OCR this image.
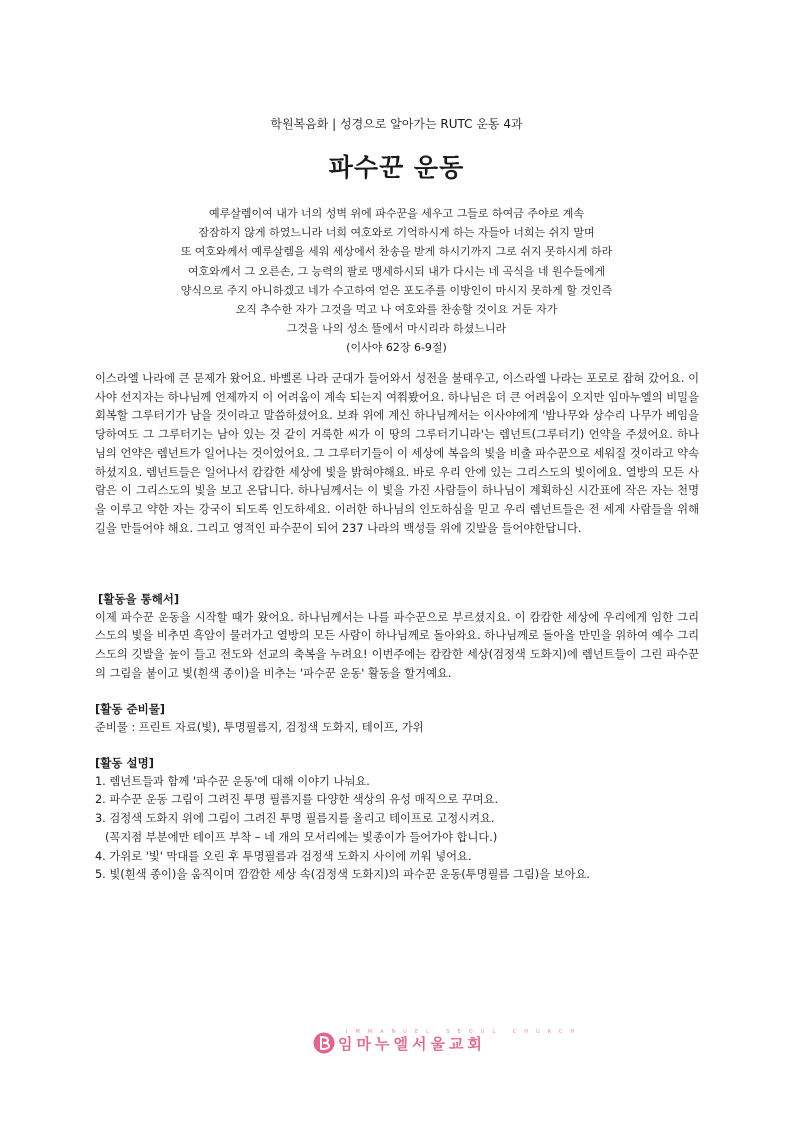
학원복음화 | 성경으로 알아가는 RUTC 운동 4과
파수꾼 운동
예루살렘이여 내가 너의 성벽 위에 파수꾼을 세우고 그들로 하여금 주야로 계속
잠잠하지 않게 하였느니라 너희 여호와로 기억하시게 하는 자들아 너희는 쉬지 말며
또 여호와께서 예루살렘을 세워 세상에서 찬송을 받게 하시기까지 그로 쉬지 못하시게 하라
여호와께서 그 오른손, 그 능력의 팔로 맹세하시되 내가 다시는 네 곡식을 네 원수들에게
양식으로 주지 아니하겠고 네가 수고하여 얻은 포도주를 이방인이 마시지 못하게 할 것인즉
오직 추수한 자가 그것을 먹고 나 여호와를 찬송할 것이요 거둔 자가
그것을 나의 성소 뜰에서 마시리라 하셨느니라
(이사야 62장 6-9절)
이스라엘 나라에 큰 문제가 왔어요. 바벨론 나라 군대가 들어와서 성전을 불태우고, 이스라엘 나라는 포로로 잡혀 갔어요. 이사야 선지자는 하나님께 언제까지 이 어려움이 계속 되는지 여쭤봤어요. 하나님은 더 큰 어려움이 오지만 임마누엘의 비밀을 회복할 그루터기가 남을 것이라고 말씀하셨어요. 보좌 위에 계신 하나님께서는 이사야에게 '밤나무와 상수리 나무가 베임을 당하여도 그 그루터기는 남아 있는 것 같이 거룩한 씨가 이 땅의 그루터기니라'는 렘넌트(그루터기) 언약을 주셨어요. 하나님의 언약은 렘넌트가 일어나는 것이었어요. 그 그루터기들이 이 세상에 복음의 빛을 비출 파수꾼으로 세워질 것이라고 약속하셨지요. 렘넌트들은 일어나서 캄캄한 세상에 빛을 밝혀야해요. 바로 우리 안에 있는 그리스도의 빛이에요. 열방의 모든 사람은 이 그리스도의 빛을 보고 온답니다. 하나님께서는 이 빛을 가진 사람들이 하나님이 계획하신 시간표에 작은 자는 천명을 이루고 약한 자는 강국이 되도록 인도하세요. 이러한 하나님의 인도하심을 믿고 우리 렘넌트들은 전 세계 사람들을 위해 길을 만들어야 해요. 그리고 영적인 파수꾼이 되어 237 나라의 백성들 위에 깃발을 들어야한답니다.
[활동을 통해서]
이제 파수꾼 운동을 시작할 때가 왔어요. 하나님께서는 나를 파수꾼으로 부르셨지요. 이 캄캄한 세상에 우리에게 임한 그리스도의 빛을 비추면 흑암이 물러가고 열방의 모든 사람이 하나님께로 돌아와요. 하나님께로 돌아올 만민을 위하여 예수 그리스도의 깃발을 높이 들고 전도와 선교의 축복을 누려요! 이번주에는 캄캄한 세상(검정색 도화지)에 렘넌트들이 그린 파수꾼의 그림을 붙이고 빛(흰색 종이)을 비추는 '파수꾼 운동' 활동을 할거예요.
[활동 준비물]
준비물 : 프린트 자료(빛), 투명필름지, 검정색 도화지, 테이프, 가위
[활동 설명]
1. 렘넌트들과 함께 '파수꾼 운동'에 대해 이야기 나눠요.
2. 파수꾼 운동 그림이 그려진 투명 필름지를 다양한 색상의 유성 매직으로 꾸며요.
3. 검정색 도화지 위에 그림이 그려진 투명 필름지를 올리고 테이프로 고정시켜요.
(꼭지점 부분에만 테이프 부착 – 네 개의 모서리에는 빛종이가 들어가야 합니다.)
4. 가위로 '빛' 막대를 오린 후 투명필름과 검정색 도화지 사이에 끼워 넣어요.
5. 빛(흰색 종이)을 움직이며 깜깜한 세상 속(검정색 도화지)의 파수꾼 운동(투명필름 그림)을 보아요.
IMMANUEL SEOUL CHURCH
임마누엘서울교회
